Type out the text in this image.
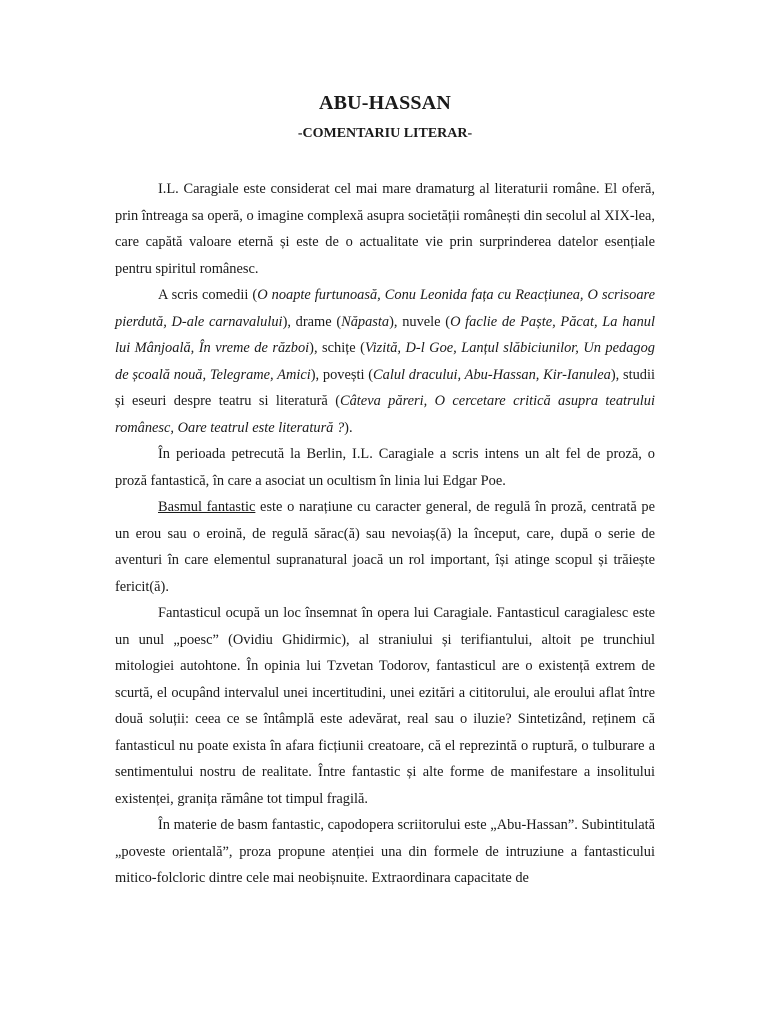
ABU-HASSAN
-COMENTARIU LITERAR-

I.L. Caragiale este considerat cel mai mare dramaturg al literaturii române. El oferă, prin întreaga sa operă, o imagine complexă asupra societății românești din secolul al XIX-lea, care capătă valoare eternă și este de o actualitate vie prin surprinderea datelor esențiale pentru spiritul românesc.

A scris comedii (O noapte furtunoasă, Conu Leonida fața cu Reacțiunea, O scrisoare pierdută, D-ale carnavalului), drame (Năpasta), nuvele (O faclie de Paște, Păcat, La hanul lui Mânjoală, În vreme de război), schițe (Vizită, D-l Goe, Lanțul slăbiciunilor, Un pedagog de școală nouă, Telegrame, Amici), povești (Calul dracului, Abu-Hassan, Kir-Ianulea), studii și eseuri despre teatru si literatură (Câteva păreri, O cercetare critică asupra teatrului românesc, Oare teatrul este literatură ?).

În perioada petrecută la Berlin, I.L. Caragiale a scris intens un alt fel de proză, o proză fantastică, în care a asociat un ocultism în linia lui Edgar Poe.

Basmul fantastic este o narațiune cu caracter general, de regulă în proză, centrată pe un erou sau o eroină, de regulă sărac(ă) sau nevoiaș(ă) la început, care, după o serie de aventuri în care elementul supranatural joacă un rol important, își atinge scopul și trăiește fericit(ă).

Fantasticul ocupă un loc însemnat în opera lui Caragiale. Fantasticul caragialesc este un unul „poesc” (Ovidiu Ghidirmic), al straniului și terifiantului, altoit pe trunchiul mitologiei autohtone. În opinia lui Tzvetan Todorov, fantasticul are o existență extrem de scurtă, el ocupând intervalul unei incertitudini, unei ezitări a cititorului, ale eroului aflat între două soluții: ceea ce se întâmplă este adevărat, real sau o iluzie? Sintetizând, reținem că fantasticul nu poate exista în afara ficțiunii creatoare, că el reprezintă o ruptură, o tulburare a sentimentului nostru de realitate. Între fantastic și alte forme de manifestare a insolitului existenței, granița rămâne tot timpul fragilă.

În materie de basm fantastic, capodopera scriitorului este „Abu-Hassan”. Subintitulată „poveste orientală”, proza propune atenției una din formele de intruziune a fantasticului mitico-folcloric dintre cele mai neobișnuite. Extraordinara capacitate de
